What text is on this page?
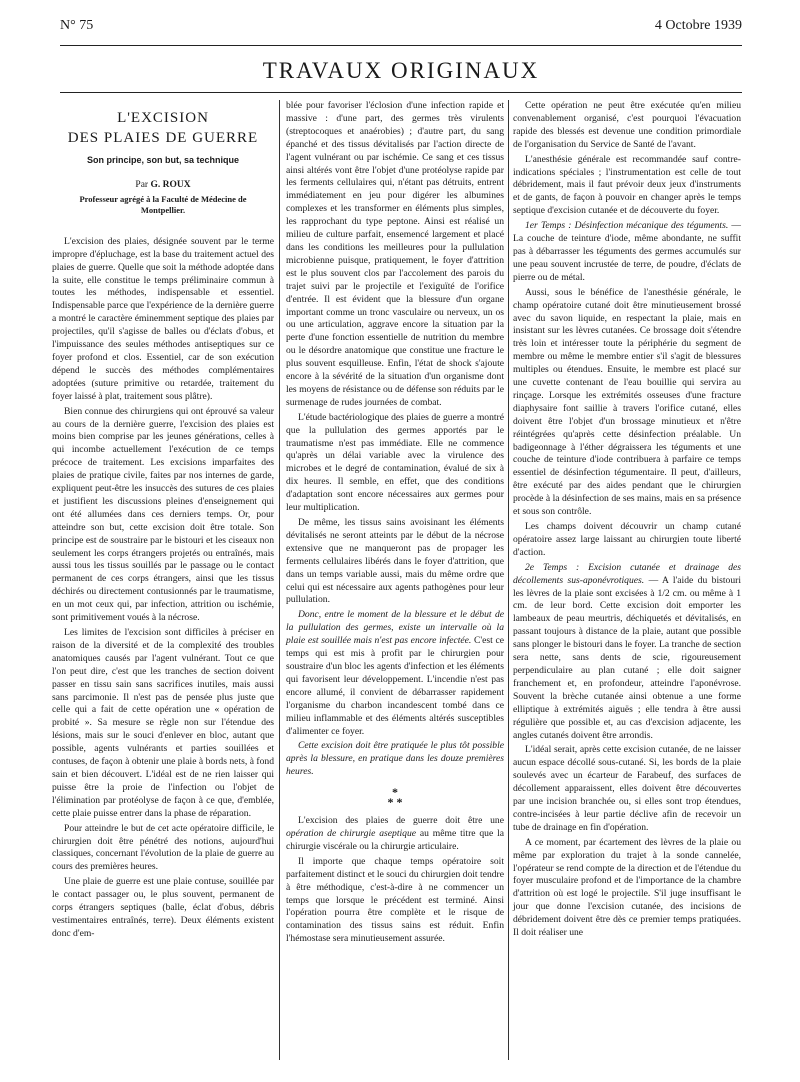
N° 75	4 Octobre 1939
TRAVAUX ORIGINAUX
L'EXCISION
DES PLAIES DE GUERRE
Son principe, son but, sa technique
Par G. ROUX
Professeur agrégé à la Faculté de Médecine de Montpellier.

L'excision des plaies, désignée souvent par le terme impropre d'épluchage, est la base du traitement actuel des plaies de guerre. Quelle que soit la méthode adoptée dans la suite, elle constitue le temps préliminaire commun à toutes les méthodes, indispensable et essentiel. Indispensable parce que l'expérience de la dernière guerre a montré le caractère éminemment septique des plaies par projectiles, qu'il s'agisse de balles ou d'éclats d'obus, et l'impuissance des seules méthodes antiseptiques sur ce foyer profond et clos. Essentiel, car de son exécution dépend le succès des méthodes complémentaires adoptées (suture primitive ou retardée, traitement du foyer laissé à plat, traitement sous plâtre).

Bien connue des chirurgiens qui ont éprouvé sa valeur au cours de la dernière guerre, l'excision des plaies est moins bien comprise par les jeunes générations, celles à qui incombe actuellement l'exécution de ce temps précoce de traitement. Les excisions imparfaites des plaies de pratique civile, faites par nos internes de garde, expliquent peut-être les insuccès des sutures de ces plaies et justifient les discussions pleines d'enseignement qui ont été allumées dans ces derniers temps. Or, pour atteindre son but, cette excision doit être totale. Son principe est de soustraire par le bistouri et les ciseaux non seulement les corps étrangers projetés ou entraînés, mais aussi tous les tissus souillés par le passage ou le contact permanent de ces corps étrangers, ainsi que les tissus déchirés ou directement contusionnés par le traumatisme, en un mot ceux qui, par infection, attrition ou ischémie, sont primitivement voués à la nécrose.

Les limites de l'excision sont difficiles à préciser en raison de la diversité et de la complexité des troubles anatomiques causés par l'agent vulnérant. Tout ce que l'on peut dire, c'est que les tranches de section doivent passer en tissu sain sans sacrifices inutiles, mais aussi sans parcimonie. Il n'est pas de pensée plus juste que celle qui a fait de cette opération une « opération de probité ». Sa mesure se règle non sur l'étendue des lésions, mais sur le souci d'enlever en bloc, autant que possible, agents vulnérants et parties souillées et contuses, de façon à obtenir une plaie à bords nets, à fond sain et bien découvert. L'idéal est de ne rien laisser qui puisse être la proie de l'infection ou l'objet de l'élimination par protéolyse de façon à ce que, d'emblée, cette plaie puisse entrer dans la phase de réparation.

Pour atteindre le but de cet acte opératoire difficile, le chirurgien doit être pénétré des notions, aujourd'hui classiques, concernant l'évolution de la plaie de guerre au cours des premières heures.

Une plaie de guerre est une plaie contuse, souillée par le contact passager ou, le plus souvent, permanent de corps étrangers septiques (balle, éclat d'obus, débris vestimentaires entraînés, terre). Deux éléments existent donc d'em-

blée pour favoriser l'éclosion d'une infection rapide et massive : d'une part, des germes très virulents (streptocoques et anaérobies) ; d'autre part, du sang épanché et des tissus dévitalisés par l'action directe de l'agent vulnérant ou par ischémie. Ce sang et ces tissus ainsi altérés vont être l'objet d'une protéolyse rapide par les ferments cellulaires qui, n'étant pas détruits, entrent immédiatement en jeu pour digérer les albumines complexes et les transformer en éléments plus simples, les rapprochant du type peptone. Ainsi est réalisé un milieu de culture parfait, ensemencé largement et placé dans les conditions les meilleures pour la pullulation microbienne puisque, pratiquement, le foyer d'attrition est le plus souvent clos par l'accolement des parois du trajet suivi par le projectile et l'exiguïté de l'orifice d'entrée. Il est évident que la blessure d'un organe important comme un tronc vasculaire ou nerveux, un os ou une articulation, aggrave encore la situation par la perte d'une fonction essentielle de nutrition du membre ou le désordre anatomique que constitue une fracture le plus souvent esquilleuse. Enfin, l'état de shock s'ajoute encore à la sévérité de la situation d'un organisme dont les moyens de résistance ou de défense son réduits par le surmenage de rudes journées de combat.

L'étude bactériologique des plaies de guerre a montré que la pullulation des germes apportés par le traumatisme n'est pas immédiate. Elle ne commence qu'après un délai variable avec la virulence des microbes et le degré de contamination, évalué de six à dix heures. Il semble, en effet, que des conditions d'adaptation sont encore nécessaires aux germes pour leur multiplication.

De même, les tissus sains avoisinant les éléments dévitalisés ne seront atteints par le début de la nécrose extensive que ne manqueront pas de propager les ferments cellulaires libérés dans le foyer d'attrition, que dans un temps variable aussi, mais du même ordre que celui qui est nécessaire aux agents pathogènes pour leur pullulation.

Donc, entre le moment de la blessure et le début de la pullulation des germes, existe un intervalle où la plaie est souillée mais n'est pas encore infectée. C'est ce temps qui est mis à profit par le chirurgien pour soustraire d'un bloc les agents d'infection et les éléments qui favorisent leur développement. L'incendie n'est pas encore allumé, il convient de débarrasser rapidement l'organisme du charbon incandescent tombé dans ce milieu inflammable et des éléments altérés susceptibles d'alimenter ce foyer.

Cette excision doit être pratiquée le plus tôt possible après la blessure, en pratique dans les douze premières heures.

*
* *

L'excision des plaies de guerre doit être une opération de chirurgie aseptique au même titre que la chirurgie viscérale ou la chirurgie articulaire.

Il importe que chaque temps opératoire soit parfaitement distinct et le souci du chirurgien doit tendre à être méthodique, c'est-à-dire à ne commencer un temps que lorsque le précédent est terminé. Ainsi l'opération pourra être complète et le risque de contamination des tissus sains est réduit. Enfin l'hémostase sera minutieusement assurée.

Cette opération ne peut être exécutée qu'en milieu convenablement organisé, c'est pourquoi l'évacuation rapide des blessés est devenue une condition primordiale de l'organisation du Service de Santé de l'avant.

L'anesthésie générale est recommandée sauf contre-indications spéciales ; l'instrumentation est celle de tout débridement, mais il faut prévoir deux jeux d'instruments et de gants, de façon à pouvoir en changer après le temps septique d'excision cutanée et de découverte du foyer.

1er Temps : Désinfection mécanique des téguments. — La couche de teinture d'iode, même abondante, ne suffit pas à débarrasser les téguments des germes accumulés sur une peau souvent incrustée de terre, de poudre, d'éclats de pierre ou de métal.

Aussi, sous le bénéfice de l'anesthésie générale, le champ opératoire cutané doit être minutieusement brossé avec du savon liquide, en respectant la plaie, mais en insistant sur les lèvres cutanées. Ce brossage doit s'étendre très loin et intéresser toute la périphérie du segment de membre ou même le membre entier s'il s'agit de blessures multiples ou étendues. Ensuite, le membre est placé sur une cuvette contenant de l'eau bouillie qui servira au rinçage. Lorsque les extrémités osseuses d'une fracture diaphysaire font saillie à travers l'orifice cutané, elles doivent être l'objet d'un brossage minutieux et n'être réintégrées qu'après cette désinfection préalable. Un badigeonnage à l'éther dégraissera les téguments et une couche de teinture d'iode contribuera à parfaire ce temps essentiel de désinfection tégumentaire. Il peut, d'ailleurs, être exécuté par des aides pendant que le chirurgien procède à la désinfection de ses mains, mais en sa présence et sous son contrôle.

Les champs doivent découvrir un champ cutané opératoire assez large laissant au chirurgien toute liberté d'action.

2e Temps : Excision cutanée et drainage des décollements sus-aponévrotiques. — A l'aide du bistouri les lèvres de la plaie sont excisées à 1/2 cm. ou même à 1 cm. de leur bord. Cette excision doit emporter les lambeaux de peau meurtris, déchiquetés et dévitalisés, en passant toujours à distance de la plaie, autant que possible sans plonger le bistouri dans le foyer. La tranche de section sera nette, sans dents de scie, rigoureusement perpendiculaire au plan cutané ; elle doit saigner franchement et, en profondeur, atteindre l'aponévrose. Souvent la brèche cutanée ainsi obtenue a une forme elliptique à extrémités aiguës ; elle tendra à être aussi régulière que possible et, au cas d'excision adjacente, les angles cutanés doivent être arrondis.

L'idéal serait, après cette excision cutanée, de ne laisser aucun espace décollé sous-cutané. Si, les bords de la plaie soulevés avec un écarteur de Farabeuf, des surfaces de décollement apparaissent, elles doivent être découvertes par une incision branchée ou, si elles sont trop étendues, contre-incisées à leur partie déclive afin de recevoir un tube de drainage en fin d'opération.

A ce moment, par écartement des lèvres de la plaie ou même par exploration du trajet à la sonde cannelée, l'opérateur se rend compte de la direction et de l'étendue du foyer musculaire profond et de l'importance de la chambre d'attrition où est logé le projectile. S'il juge insuffisant le jour que donne l'excision cutanée, des incisions de débridement doivent être dès ce premier temps pratiquées. Il doit réaliser une
